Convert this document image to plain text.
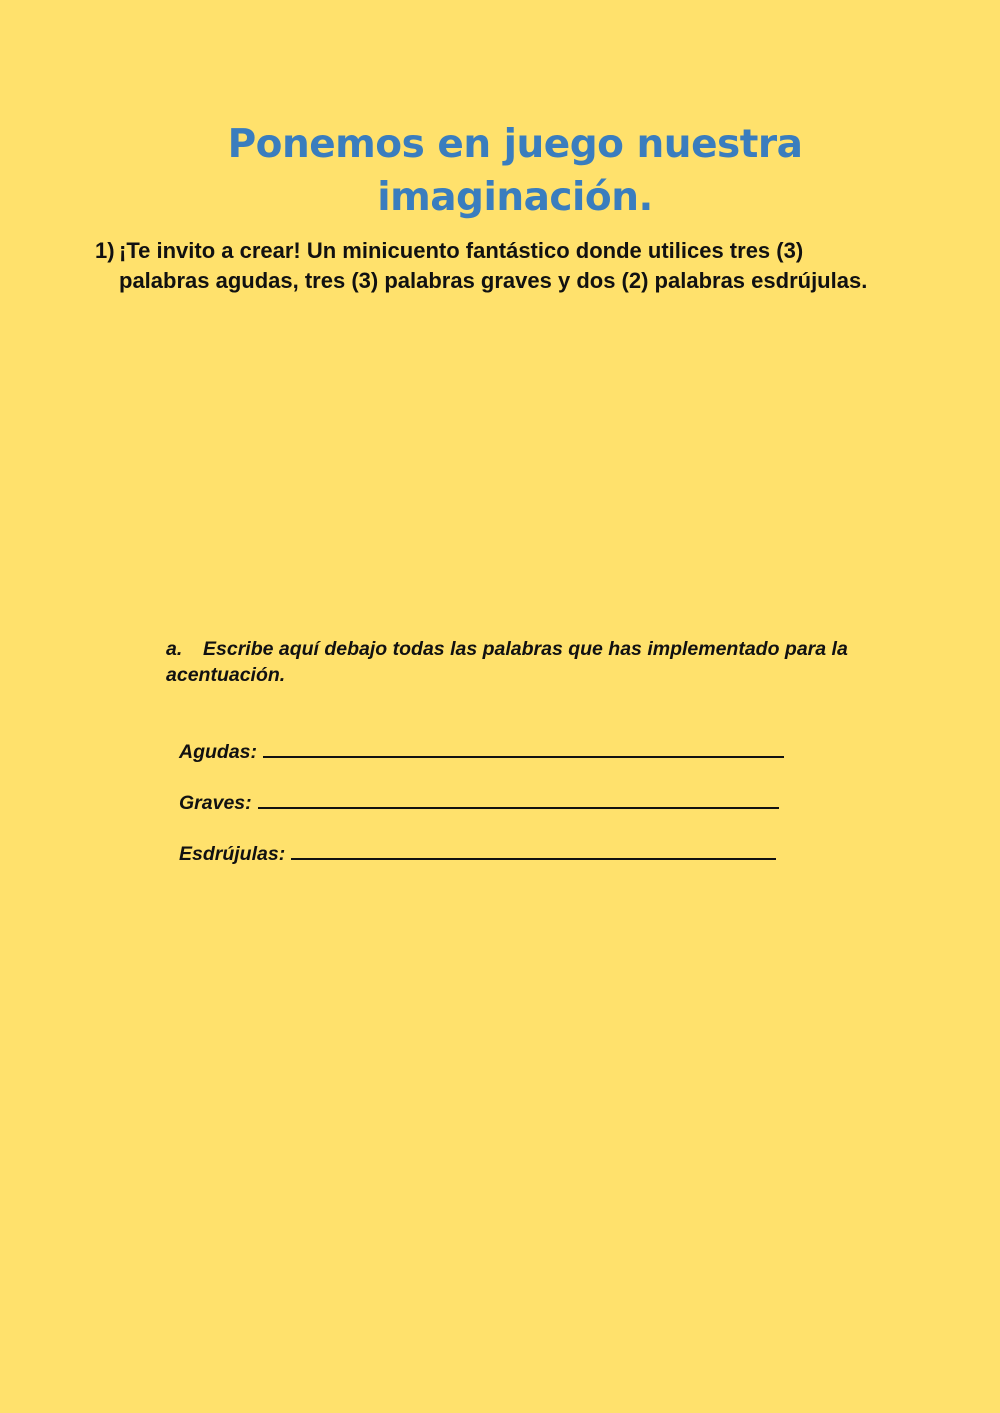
Ponemos en juego nuestra
imaginación.
1) ¡Te invito a crear! Un minicuento fantástico donde utilices tres (3) palabras agudas, tres (3) palabras graves y dos (2) palabras esdrújulas.
a. Escribe aquí debajo todas las palabras que has implementado para la acentuación.
Agudas:
Graves:
Esdrújulas:
